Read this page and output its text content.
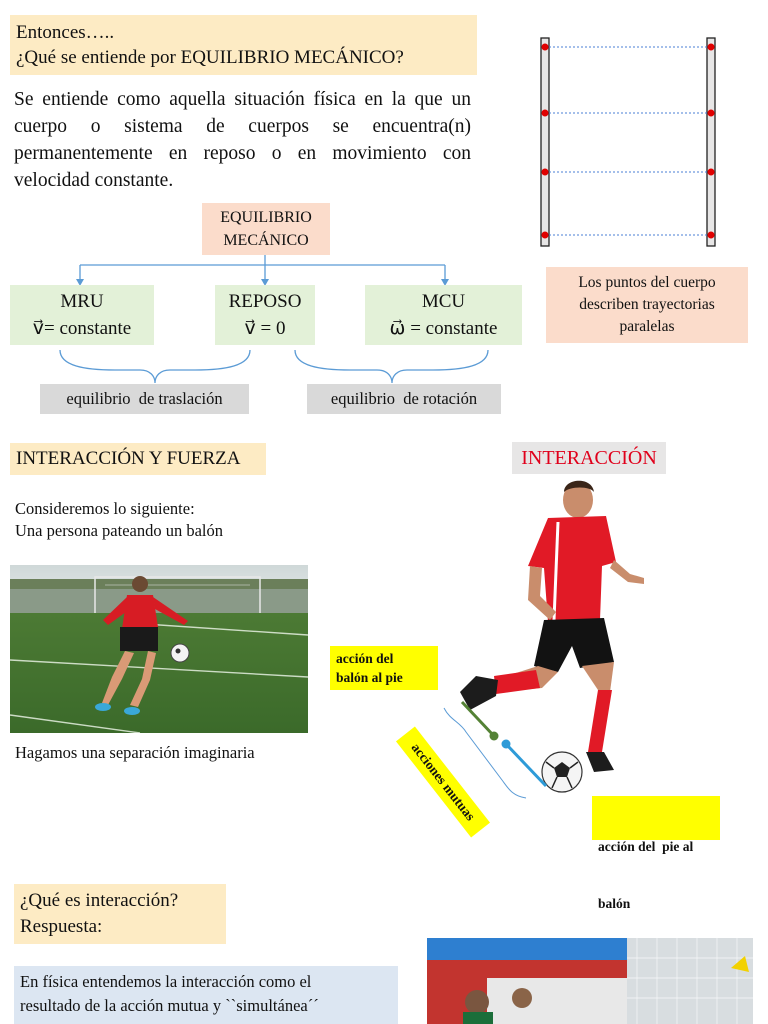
Entonces…..
¿Qué se entiende por EQUILIBRIO MECÁNICO?
Se entiende como aquella situación física en la que un cuerpo o sistema de cuerpos se encuentra(n) permanentemente en reposo o en movimiento con velocidad constante.
Los puntos del cuerpo
describen trayectorias
paralelas
EQUILIBRIO
MECÁNICO
MRU
v⃗= constante
REPOSO
v⃗ = 0
MCU
ω⃗ = constante
equilibrio  de traslación	equilibrio  de rotación
INTERACCIÓN Y FUERZA	INTERACCIÓN
Consideremos lo siguiente:
Una persona pateando un balón
Hagamos una separación imaginaria
acción del
balón al pie
acciones mutuas

acción del  pie al

balón

¿Qué es interacción?
Respuesta:
En física entendemos la interacción como el
resultado de la acción mutua y ``simultánea´´
